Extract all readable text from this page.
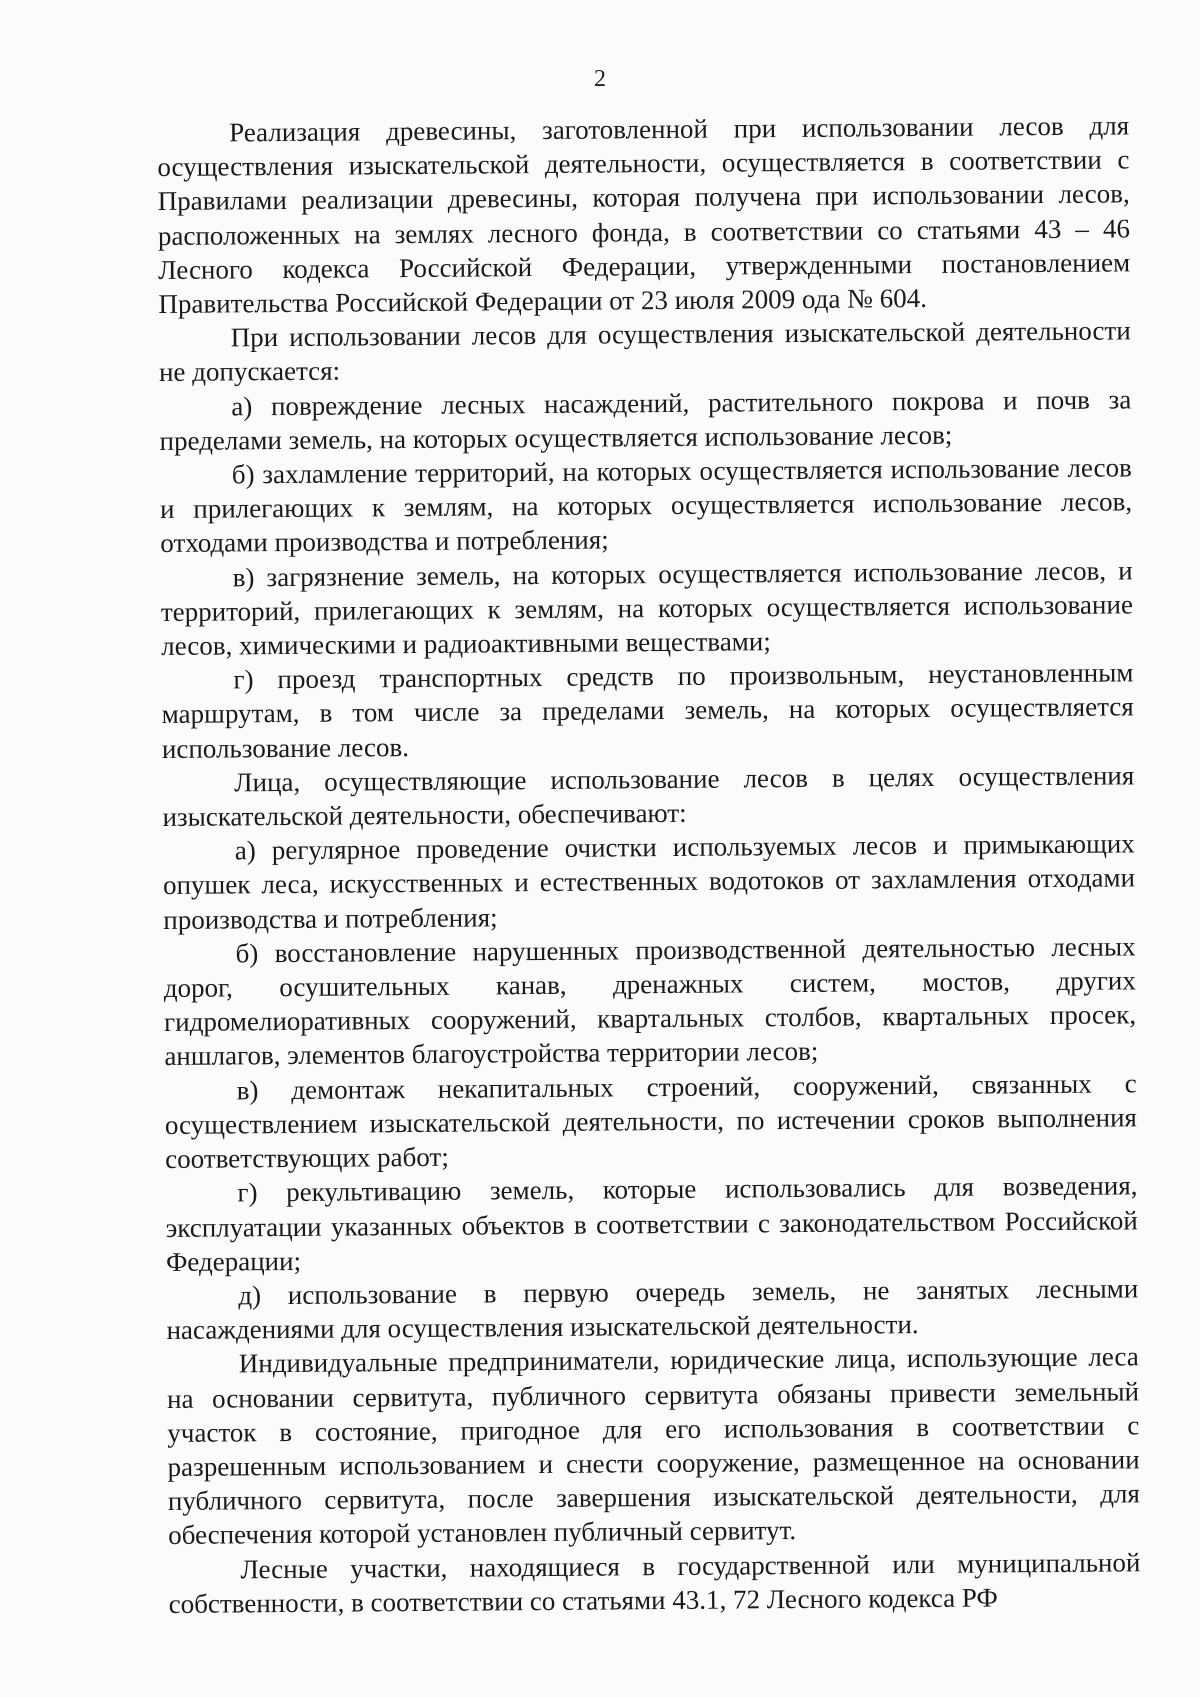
2

Реализация древесины, заготовленной при использовании лесов для осуществления изыскательской деятельности, осуществляется в соответствии с Правилами реализации древесины, которая получена при использовании лесов, расположенных на землях лесного фонда, в соответствии со статьями 43 – 46 Лесного кодекса Российской Федерации, утвержденными постановлением Правительства Российской Федерации от 23 июля 2009 ода № 604.

При использовании лесов для осуществления изыскательской деятельности не допускается:

а) повреждение лесных насаждений, растительного покрова и почв за пределами земель, на которых осуществляется использование лесов;

б) захламление территорий, на которых осуществляется использование лесов и прилегающих к землям, на которых осуществляется использование лесов, отходами производства и потребления;

в) загрязнение земель, на которых осуществляется использование лесов, и территорий, прилегающих к землям, на которых осуществляется использование лесов, химическими и радиоактивными веществами;

г) проезд транспортных средств по произвольным, неустановленным маршрутам, в том числе за пределами земель, на которых осуществляется использование лесов.

Лица, осуществляющие использование лесов в целях осуществления изыскательской деятельности, обеспечивают:

а) регулярное проведение очистки используемых лесов и примыкающих опушек леса, искусственных и естественных водотоков от захламления отходами производства и потребления;

б) восстановление нарушенных производственной деятельностью лесных дорог, осушительных канав, дренажных систем, мостов, других гидромелиоративных сооружений, квартальных столбов, квартальных просек, аншлагов, элементов благоустройства территории лесов;

в) демонтаж некапитальных строений, сооружений, связанных с осуществлением изыскательской деятельности, по истечении сроков выполнения соответствующих работ;

г) рекультивацию земель, которые использовались для возведения, эксплуатации указанных объектов в соответствии с законодательством Российской Федерации;

д) использование в первую очередь земель, не занятых лесными насаждениями для осуществления изыскательской деятельности.

Индивидуальные предприниматели, юридические лица, использующие леса на основании сервитута, публичного сервитута обязаны привести земельный участок в состояние, пригодное для его использования в соответствии с разрешенным использованием и снести сооружение, размещенное на основании публичного сервитута, после завершения изыскательской деятельности, для обеспечения которой установлен публичный сервитут.

Лесные участки, находящиеся в государственной или муниципальной собственности, в соответствии со статьями 43.1, 72 Лесного кодекса РФ
